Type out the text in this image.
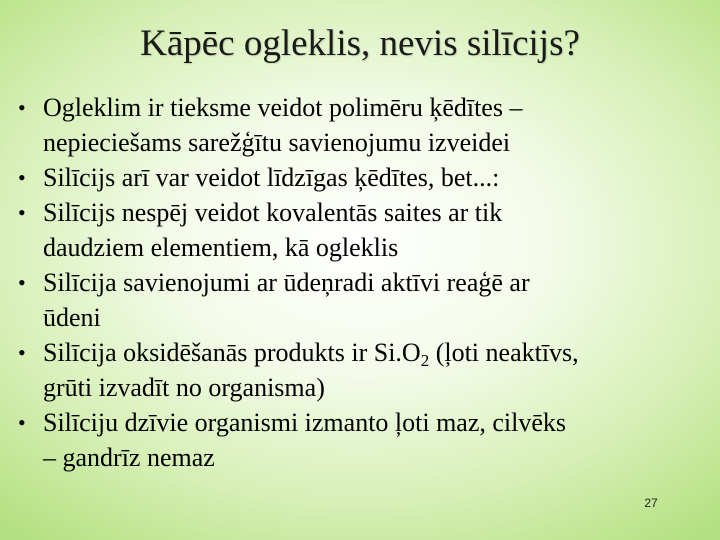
Kāpēc ogleklis, nevis silīcijs?
• Ogleklim ir tieksme veidot polimēru ķēdītes –
nepieciešams sarežģītu savienojumu izveidei
• Silīcijs arī var veidot līdzīgas ķēdītes, bet...:
• Silīcijs nespēj veidot kovalentās saites ar tik
daudziem elementiem, kā ogleklis
• Silīcija savienojumi ar ūdeņradi aktīvi reaģē ar
ūdeni
• Silīcija oksidēšanās produkts ir $Si.O_2$ (ļoti neaktīvs,
grūti izvadīt no organisma)
• Silīciju dzīvie organismi izmanto ļoti maz, cilvēks
– gandrīz nemaz
27
